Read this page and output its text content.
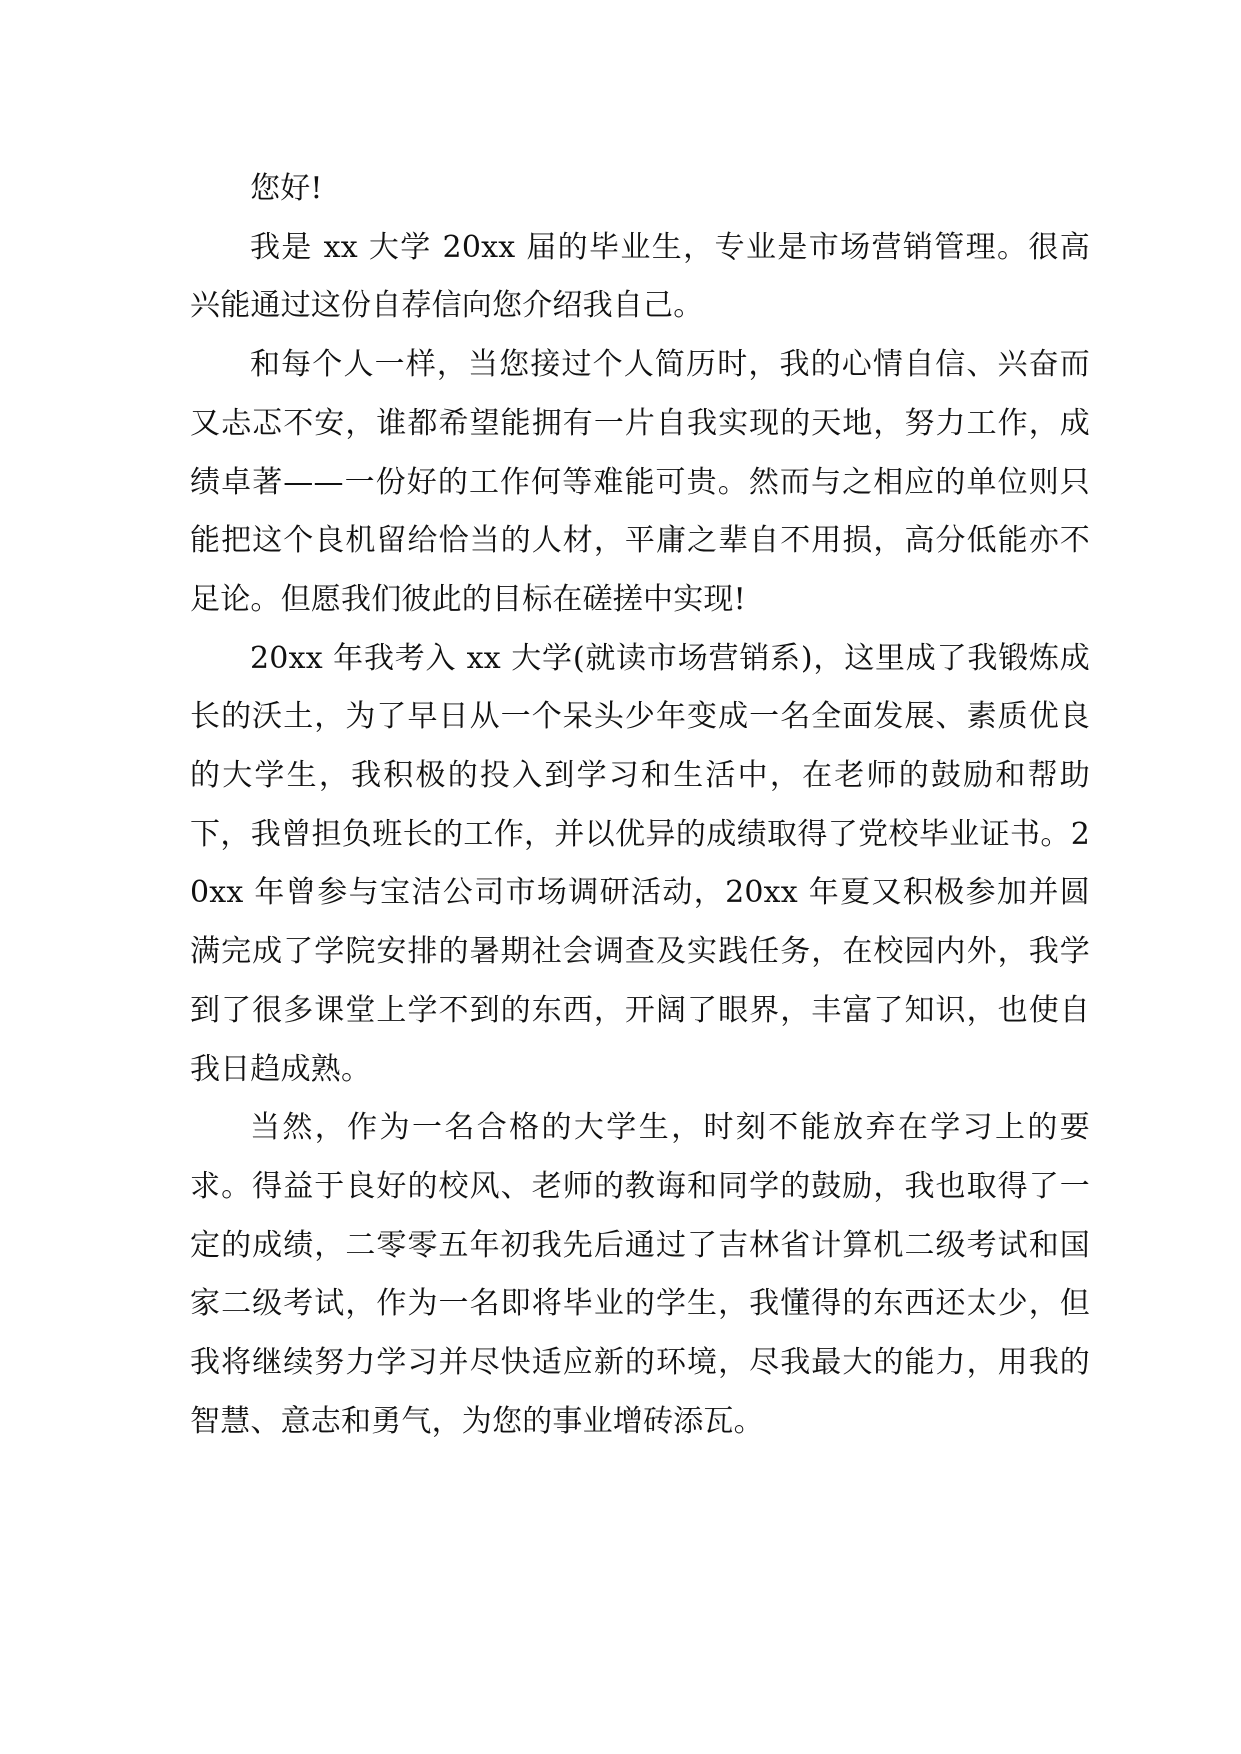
您好!

我是 xx 大学 20xx 届的毕业生，专业是市场营销管理。很高兴能通过这份自荐信向您介绍我自己。

和每个人一样，当您接过个人简历时，我的心情自信、兴奋而又忐忑不安，谁都希望能拥有一片自我实现的天地，努力工作，成绩卓著——一份好的工作何等难能可贵。然而与之相应的单位则只能把这个良机留给恰当的人材，平庸之辈自不用损，高分低能亦不足论。但愿我们彼此的目标在磋搓中实现!

20xx 年我考入 xx 大学(就读市场营销系)，这里成了我锻炼成长的沃土，为了早日从一个呆头少年变成一名全面发展、素质优良的大学生，我积极的投入到学习和生活中，在老师的鼓励和帮助下，我曾担负班长的工作，并以优异的成绩取得了党校毕业证书。20xx 年曾参与宝洁公司市场调研活动，20xx 年夏又积极参加并圆满完成了学院安排的暑期社会调查及实践任务，在校园内外，我学到了很多课堂上学不到的东西，开阔了眼界，丰富了知识，也使自我日趋成熟。

当然，作为一名合格的大学生，时刻不能放弃在学习上的要求。得益于良好的校风、老师的教诲和同学的鼓励，我也取得了一定的成绩，二零零五年初我先后通过了吉林省计算机二级考试和国家二级考试，作为一名即将毕业的学生，我懂得的东西还太少，但我将继续努力学习并尽快适应新的环境，尽我最大的能力，用我的智慧、意志和勇气，为您的事业增砖添瓦。
